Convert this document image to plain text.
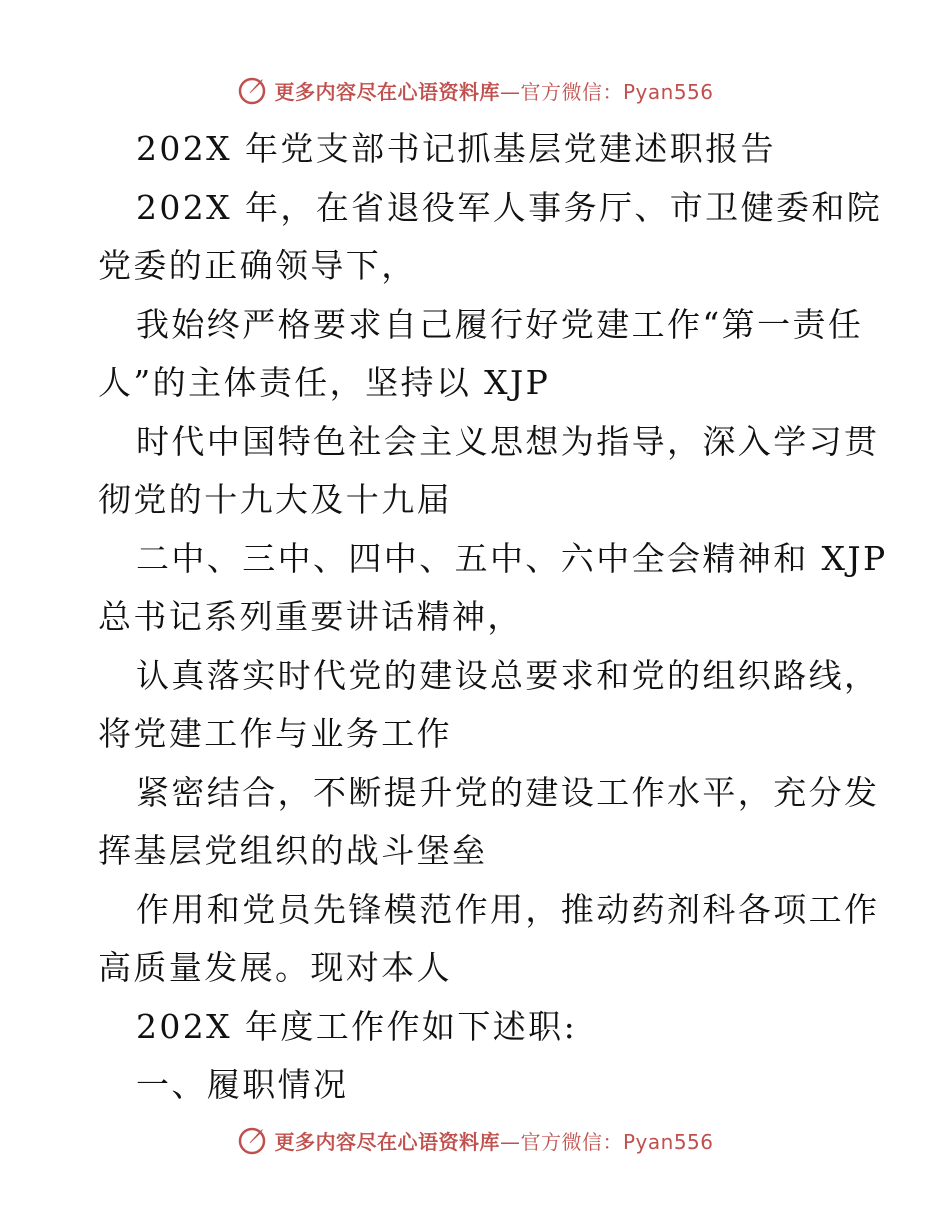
更多内容尽在心语资料库—官方微信：Pyan556
202X 年党支部书记抓基层党建述职报告
202X 年，在省退役军人事务厅、市卫健委和院
党委的正确领导下，
我始终严格要求自己履行好党建工作“第一责任
人”的主体责任，坚持以 XJP
时代中国特色社会主义思想为指导，深入学习贯
彻党的十九大及十九届
二中、三中、四中、五中、六中全会精神和 XJP
总书记系列重要讲话精神，
认真落实时代党的建设总要求和党的组织路线，
将党建工作与业务工作
紧密结合，不断提升党的建设工作水平，充分发
挥基层党组织的战斗堡垒
作用和党员先锋模范作用，推动药剂科各项工作
高质量发展。现对本人
202X 年度工作作如下述职:
一、履职情况
更多内容尽在心语资料库—官方微信：Pyan556
